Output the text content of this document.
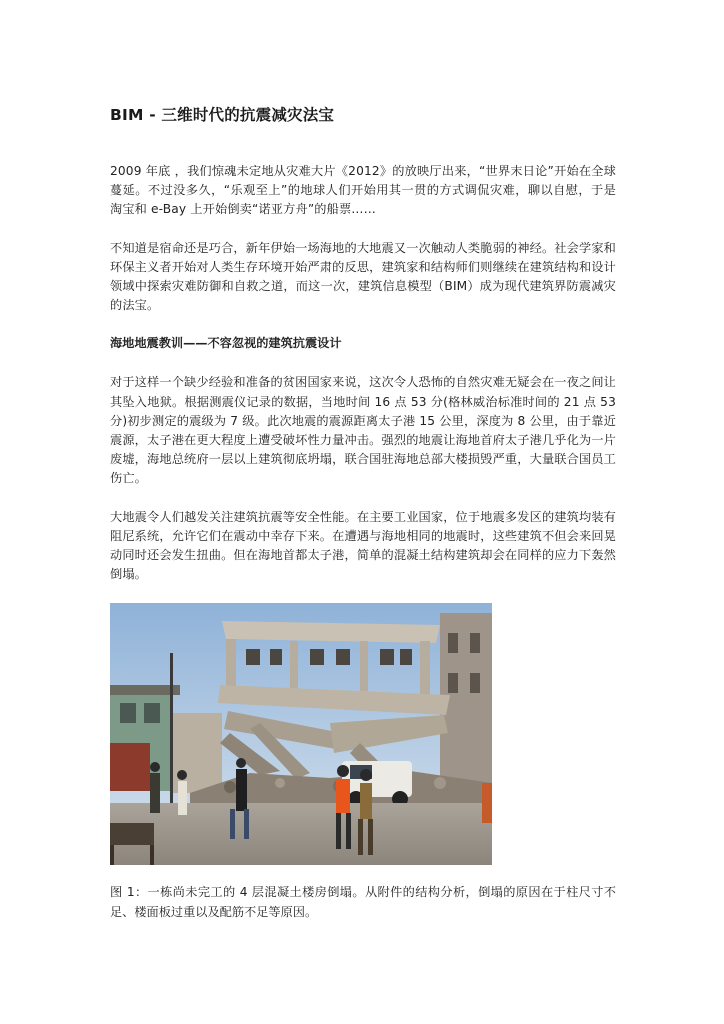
BIM - 三维时代的抗震减灾法宝

2009 年底 ，我们惊魂未定地从灾难大片《2012》的放映厅出来，“世界末日论”开始在全球蔓延。不过没多久，“乐观至上”的地球人们开始用其一贯的方式调侃灾难，聊以自慰，于是淘宝和 e-Bay 上开始倒卖“诺亚方舟”的船票……

不知道是宿命还是巧合，新年伊始一场海地的大地震又一次触动人类脆弱的神经。社会学家和环保主义者开始对人类生存环境开始严肃的反思，建筑家和结构师们则继续在建筑结构和设计领域中探索灾难防御和自救之道，而这一次，建筑信息模型（BIM）成为现代建筑界防震减灾的法宝。

海地地震教训——不容忽视的建筑抗震设计

对于这样一个缺少经验和准备的贫困国家来说，这次令人恐怖的自然灾难无疑会在一夜之间让其坠入地狱。根据测震仪记录的数据，当地时间 16 点 53 分(格林威治标准时间的 21 点 53 分)初步测定的震级为 7 级。此次地震的震源距离太子港 15 公里，深度为 8 公里，由于靠近震源，太子港在更大程度上遭受破坏性力量冲击。强烈的地震让海地首府太子港几乎化为一片废墟，海地总统府一层以上建筑彻底坍塌，联合国驻海地总部大楼损毁严重，大量联合国员工伤亡。

大地震令人们越发关注建筑抗震等安全性能。在主要工业国家，位于地震多发区的建筑均装有阻尼系统，允许它们在震动中幸存下来。在遭遇与海地相同的地震时，这些建筑不但会来回晃动同时还会发生扭曲。但在海地首都太子港，简单的混凝土结构建筑却会在同样的应力下轰然倒塌。

图 1：一栋尚未完工的 4 层混凝土楼房倒塌。从附件的结构分析，倒塌的原因在于柱尺寸不足、楼面板过重以及配筋不足等原因。
